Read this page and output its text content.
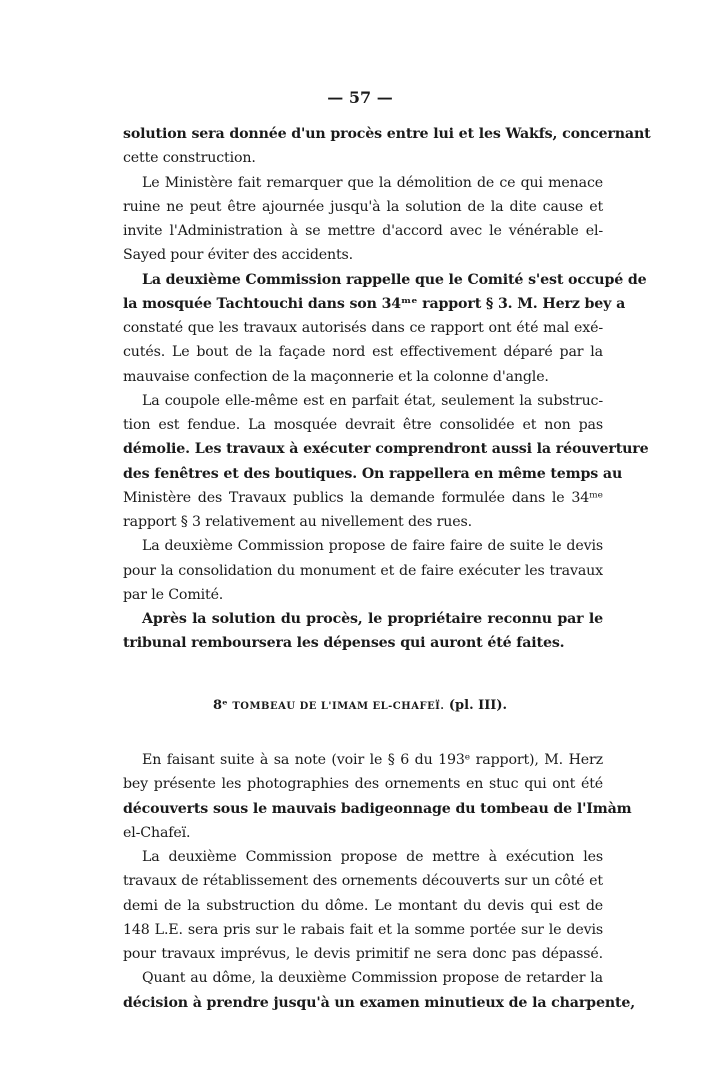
— 57 —
solution sera donnée d'un procès entre lui et les Wakfs, concernant
cette construction.
Le Ministère fait remarquer que la démolition de ce qui menace
ruine ne peut être ajournée jusqu'à la solution de la dite cause et
invite l'Administration à se mettre d'accord avec le vénérable el-
Sayed pour éviter des accidents.
La deuxième Commission rappelle que le Comité s'est occupé de
la mosquée Tachtouchi dans son 34ᵐᵉ rapport § 3. M. Herz bey a
constaté que les travaux autorisés dans ce rapport ont été mal exé-
cutés. Le bout de la façade nord est effectivement déparé par la
mauvaise confection de la maçonnerie et la colonne d'angle.
La coupole elle-même est en parfait état, seulement la substruc-
tion est fendue. La mosquée devrait être consolidée et non pas
démolie. Les travaux à exécuter comprendront aussi la réouverture
des fenêtres et des boutiques. On rappellera en même temps au
Ministère des Travaux publics la demande formulée dans le 34ᵐᵉ
rapport § 3 relativement au nivellement des rues.
La deuxième Commission propose de faire faire de suite le devis
pour la consolidation du monument et de faire exécuter les travaux
par le Comité.
Après la solution du procès, le propriétaire reconnu par le
tribunal remboursera les dépenses qui auront été faites.
8ᵉ TOMBEAU DE L'IMAM EL-CHAFEÏ. (pl. III).
En faisant suite à sa note (voir le § 6 du 193ᵉ rapport), M. Herz
bey présente les photographies des ornements en stuc qui ont été
découverts sous le mauvais badigeonnage du tombeau de l'Imàm
el-Chafeï.
La deuxième Commission propose de mettre à exécution les
travaux de rétablissement des ornements découverts sur un côté et
demi de la substruction du dôme. Le montant du devis qui est de
148 L.E. sera pris sur le rabais fait et la somme portée sur le devis
pour travaux imprévus, le devis primitif ne sera donc pas dépassé.
Quant au dôme, la deuxième Commission propose de retarder la
décision à prendre jusqu'à un examen minutieux de la charpente,
